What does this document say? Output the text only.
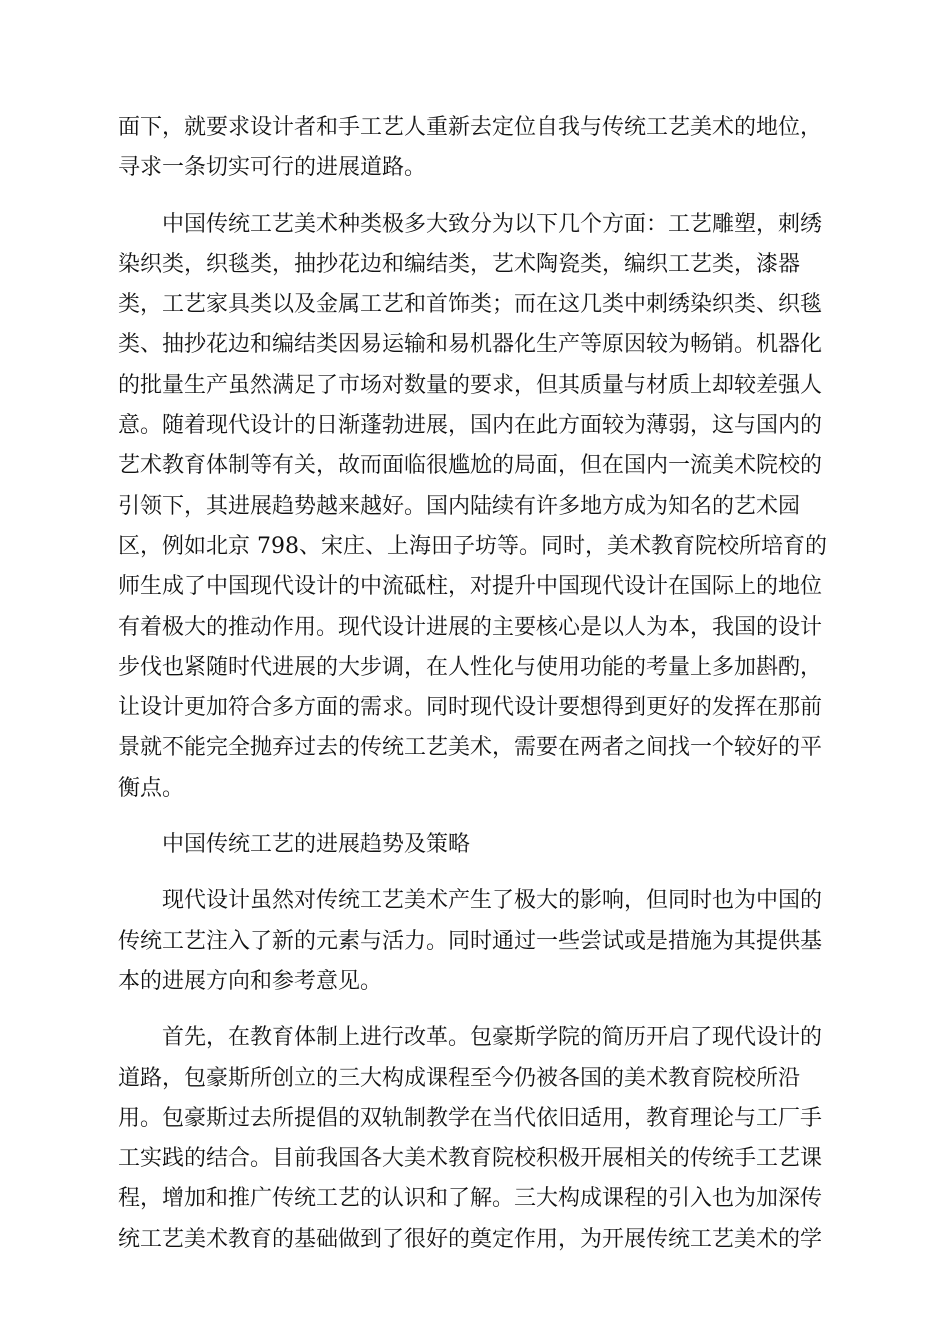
面下，就要求设计者和手工艺人重新去定位自我与传统工艺美术的地位，
寻求一条切实可行的进展道路。
中国传统工艺美术种类极多大致分为以下几个方面：工艺雕塑，刺绣
染织类，织毯类，抽抄花边和编结类，艺术陶瓷类，编织工艺类，漆器
类，工艺家具类以及金属工艺和首饰类；而在这几类中刺绣染织类、织毯
类、抽抄花边和编结类因易运输和易机器化生产等原因较为畅销。机器化
的批量生产虽然满足了市场对数量的要求，但其质量与材质上却较差强人
意。随着现代设计的日渐蓬勃进展，国内在此方面较为薄弱，这与国内的
艺术教育体制等有关，故而面临很尴尬的局面，但在国内一流美术院校的
引领下，其进展趋势越来越好。国内陆续有许多地方成为知名的艺术园
区，例如北京 798、宋庄、上海田子坊等。同时，美术教育院校所培育的
师生成了中国现代设计的中流砥柱，对提升中国现代设计在国际上的地位
有着极大的推动作用。现代设计进展的主要核心是以人为本，我国的设计
步伐也紧随时代进展的大步调，在人性化与使用功能的考量上多加斟酌，
让设计更加符合多方面的需求。同时现代设计要想得到更好的发挥在那前
景就不能完全抛弃过去的传统工艺美术，需要在两者之间找一个较好的平
衡点。
中国传统工艺的进展趋势及策略
现代设计虽然对传统工艺美术产生了极大的影响，但同时也为中国的
传统工艺注入了新的元素与活力。同时通过一些尝试或是措施为其提供基
本的进展方向和参考意见。
首先，在教育体制上进行改革。包豪斯学院的简历开启了现代设计的
道路，包豪斯所创立的三大构成课程至今仍被各国的美术教育院校所沿
用。包豪斯过去所提倡的双轨制教学在当代依旧适用，教育理论与工厂手
工实践的结合。目前我国各大美术教育院校积极开展相关的传统手工艺课
程，增加和推广传统工艺的认识和了解。三大构成课程的引入也为加深传
统工艺美术教育的基础做到了很好的奠定作用，为开展传统工艺美术的学
